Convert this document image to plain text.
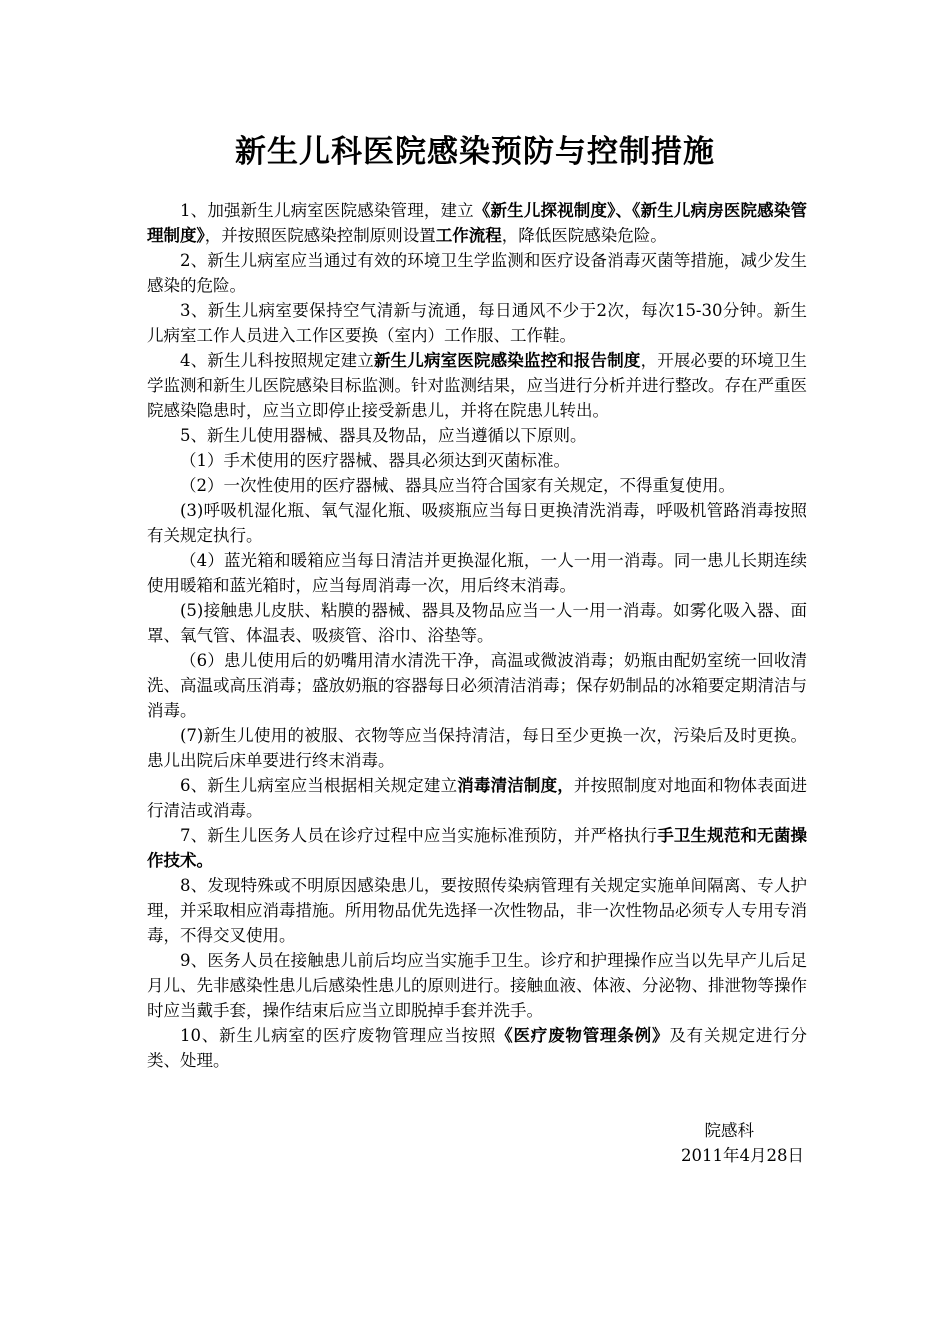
新生儿科医院感染预防与控制措施

1、加强新生儿病室医院感染管理，建立《新生儿探视制度》、《新生儿病房医院感染管理制度》，并按照医院感染控制原则设置工作流程，降低医院感染危险。

2、新生儿病室应当通过有效的环境卫生学监测和医疗设备消毒灭菌等措施，减少发生感染的危险。

3、新生儿病室要保持空气清新与流通，每日通风不少于2次，每次15-30分钟。新生儿病室工作人员进入工作区要换（室内）工作服、工作鞋。

4、新生儿科按照规定建立新生儿病室医院感染监控和报告制度，开展必要的环境卫生学监测和新生儿医院感染目标监测。针对监测结果，应当进行分析并进行整改。存在严重医院感染隐患时，应当立即停止接受新患儿，并将在院患儿转出。

5、新生儿使用器械、器具及物品，应当遵循以下原则。

（1）手术使用的医疗器械、器具必须达到灭菌标准。

（2）一次性使用的医疗器械、器具应当符合国家有关规定，不得重复使用。

(3)呼吸机湿化瓶、氧气湿化瓶、吸痰瓶应当每日更换清洗消毒，呼吸机管路消毒按照有关规定执行。

（4）蓝光箱和暖箱应当每日清洁并更换湿化瓶，一人一用一消毒。同一患儿长期连续使用暖箱和蓝光箱时，应当每周消毒一次，用后终末消毒。

(5)接触患儿皮肤、粘膜的器械、器具及物品应当一人一用一消毒。如雾化吸入器、面罩、氧气管、体温表、吸痰管、浴巾、浴垫等。

（6）患儿使用后的奶嘴用清水清洗干净，高温或微波消毒；奶瓶由配奶室统一回收清洗、高温或高压消毒；盛放奶瓶的容器每日必须清洁消毒；保存奶制品的冰箱要定期清洁与消毒。

(7)新生儿使用的被服、衣物等应当保持清洁，每日至少更换一次，污染后及时更换。患儿出院后床单要进行终末消毒。

6、新生儿病室应当根据相关规定建立消毒清洁制度，并按照制度对地面和物体表面进行清洁或消毒。

7、新生儿医务人员在诊疗过程中应当实施标准预防，并严格执行手卫生规范和无菌操作技术。

8、发现特殊或不明原因感染患儿，要按照传染病管理有关规定实施单间隔离、专人护理，并采取相应消毒措施。所用物品优先选择一次性物品，非一次性物品必须专人专用专消毒，不得交叉使用。

9、医务人员在接触患儿前后均应当实施手卫生。诊疗和护理操作应当以先早产儿后足月儿、先非感染性患儿后感染性患儿的原则进行。接触血液、体液、分泌物、排泄物等操作时应当戴手套，操作结束后应当立即脱掉手套并洗手。

10、新生儿病室的医疗废物管理应当按照《医疗废物管理条例》及有关规定进行分类、处理。

院感科
2011年4月28日
